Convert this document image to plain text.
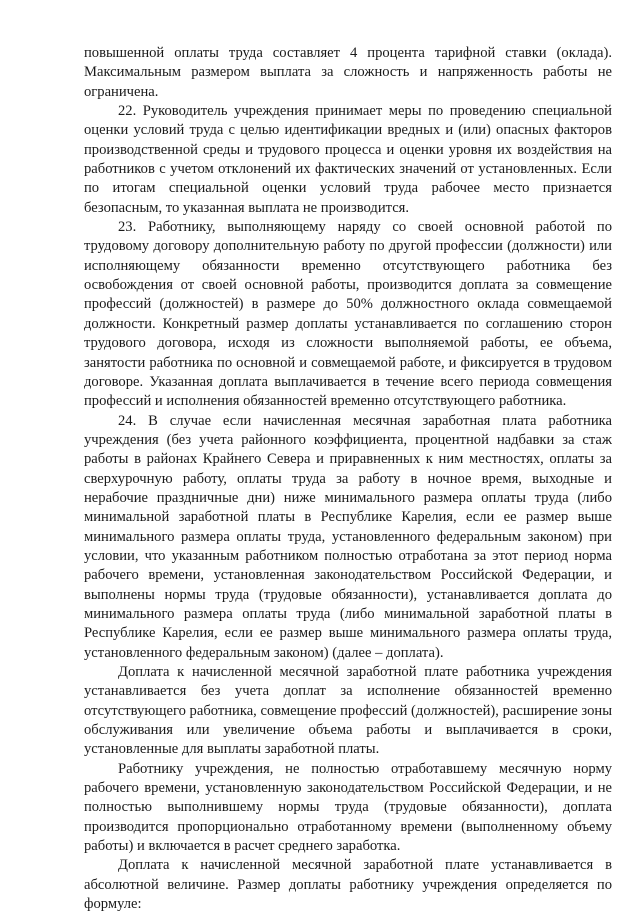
повышенной оплаты труда составляет 4 процента тарифной ставки (оклада). Максимальным размером выплата за сложность и напряженность работы не ограничена.

22. Руководитель учреждения принимает меры по проведению специальной оценки условий труда с целью идентификации вредных и (или) опасных факторов производственной среды и трудового процесса и оценки уровня их воздействия на работников с учетом отклонений их фактических значений от установленных. Если по итогам специальной оценки условий труда рабочее место признается безопасным, то указанная выплата не производится.

23. Работнику, выполняющему наряду со своей основной работой по трудовому договору дополнительную работу по другой профессии (должности) или исполняющему обязанности временно отсутствующего работника без освобождения от своей основной работы, производится доплата за совмещение профессий (должностей) в размере до 50% должностного оклада совмещаемой должности. Конкретный размер доплаты устанавливается по соглашению сторон трудового договора, исходя из сложности выполняемой работы, ее объема, занятости работника по основной и совмещаемой работе, и фиксируется в трудовом договоре. Указанная доплата выплачивается в течение всего периода совмещения профессий и исполнения обязанностей временно отсутствующего работника.

24. В случае если начисленная месячная заработная плата работника учреждения (без учета районного коэффициента, процентной надбавки за стаж работы в районах Крайнего Севера и приравненных к ним местностях, оплаты за сверхурочную работу, оплаты труда за работу в ночное время, выходные и нерабочие праздничные дни) ниже минимального размера оплаты труда (либо минимальной заработной платы в Республике Карелия, если ее размер выше минимального размера оплаты труда, установленного федеральным законом) при условии, что указанным работником полностью отработана за этот период норма рабочего времени, установленная законодательством Российской Федерации, и выполнены нормы труда (трудовые обязанности), устанавливается доплата до минимального размера оплаты труда (либо минимальной заработной платы в Республике Карелия, если ее размер выше минимального размера оплаты труда, установленного федеральным законом) (далее – доплата).

Доплата к начисленной месячной заработной плате работника учреждения устанавливается без учета доплат за исполнение обязанностей временно отсутствующего работника, совмещение профессий (должностей), расширение зоны обслуживания или увеличение объема работы и выплачивается в сроки, установленные для выплаты заработной платы.

Работнику учреждения, не полностью отработавшему месячную норму рабочего времени, установленную законодательством Российской Федерации, и не полностью выполнившему нормы труда (трудовые обязанности), доплата производится пропорционально отработанному времени (выполненному объему работы) и включается в расчет среднего заработка.

Доплата к начисленной месячной заработной плате устанавливается в абсолютной величине. Размер доплаты работнику учреждения определяется по формуле:
